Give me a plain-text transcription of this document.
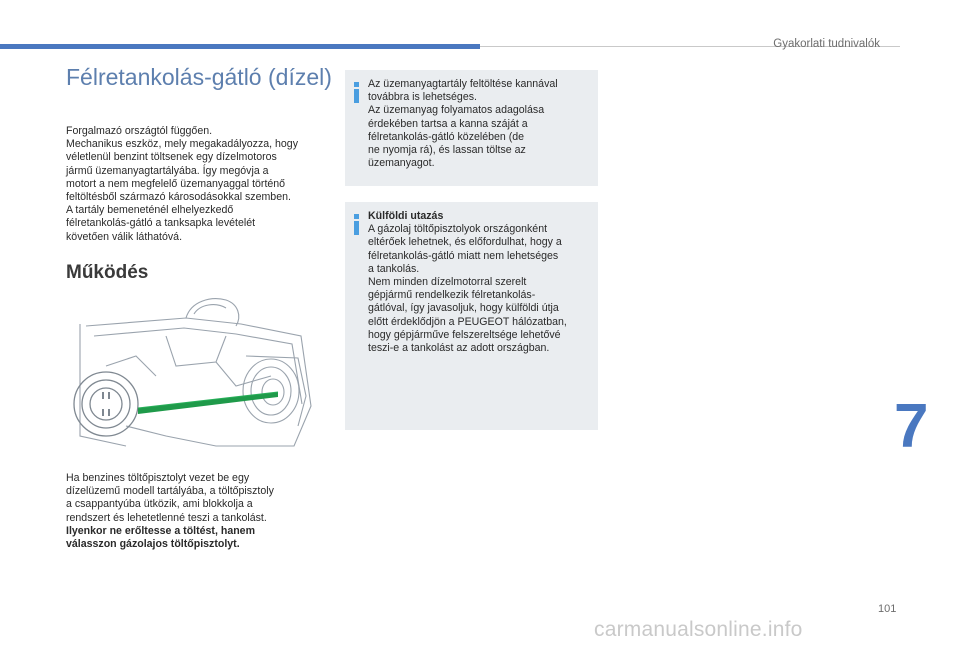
Gyakorlati tudnivalók
Félretankolás-gátló (dízel)
Forgalmazó országtól függően.
Mechanikus eszköz, mely megakadályozza, hogy
véletlenül benzint töltsenek egy dízelmotoros
jármű üzemanyagtartályába. Így megóvja a
motort a nem megfelelő üzemanyaggal történő
feltöltésből származó károsodásokkal szemben.
A tartály bemeneténél elhelyezkedő
félretankolás-gátló a tanksapka levételét
követően válik láthatóvá.
Működés
Ha benzines töltőpisztolyt vezet be egy
dízelüzemű modell tartályába, a töltőpisztoly
a csappantyúba ütközik, ami blokkolja a
rendszert és lehetetlenné teszi a tankolást.
Ilyenkor ne erőltesse a töltést, hanem
válasszon gázolajos töltőpisztolyt.
Az üzemanyagtartály feltöltése kannával
továbbra is lehetséges.
Az üzemanyag folyamatos adagolása
érdekében tartsa a kanna száját a
félretankolás-gátló közelében (de
ne nyomja rá), és lassan töltse az
üzemanyagot.
Külföldi utazás
A gázolaj töltőpisztolyok országonként
eltérőek lehetnek, és előfordulhat, hogy a
félretankolás-gátló miatt nem lehetséges
a tankolás.
Nem minden dízelmotorral szerelt
gépjármű rendelkezik félretankolás-
gátlóval, így javasoljuk, hogy külföldi útja
előtt érdeklődjön a PEUGEOT hálózatban,
hogy gépjárműve felszereltsége lehetővé
teszi-e a tankolást az adott országban.
7
101
carmanualsonline.info
